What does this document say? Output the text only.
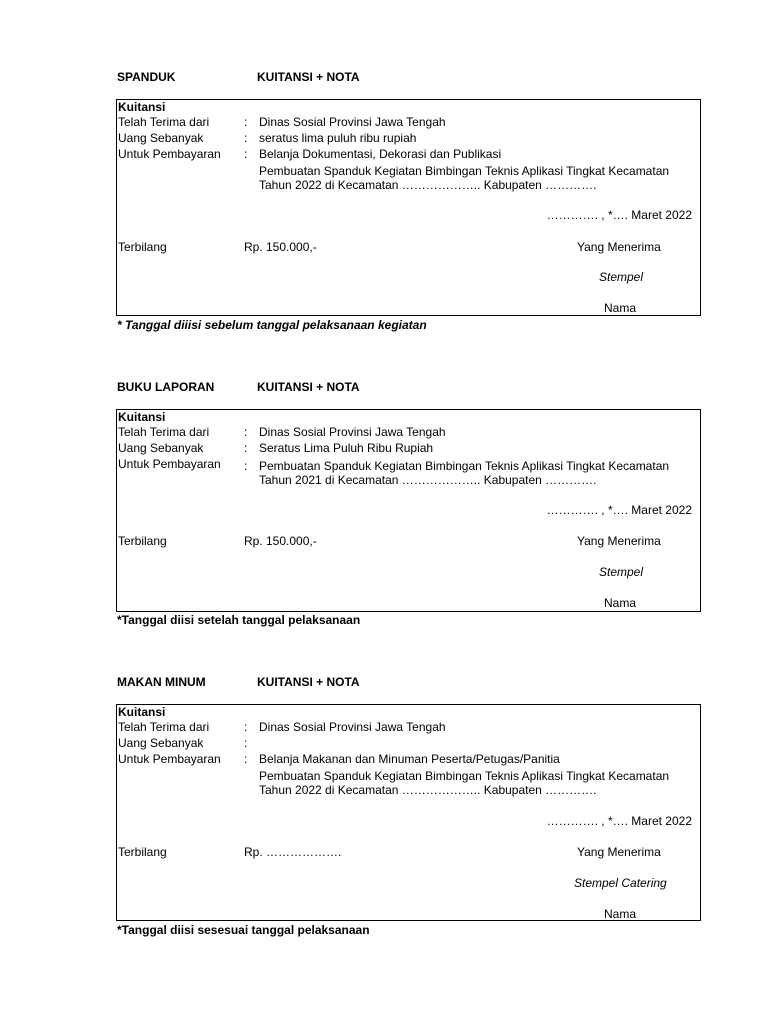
SPANDUK	KUITANSI + NOTA
Kuitansi
Telah Terima dari	: Dinas Sosial Provinsi Jawa Tengah
Uang Sebanyak	: seratus lima puluh ribu rupiah
Untuk Pembayaran : Belanja Dokumentasi, Dekorasi dan Publikasi
Pembuatan Spanduk Kegiatan Bimbingan Teknis Aplikasi Tingkat Kecamatan
Tahun 2022 di Kecamatan ……………….. Kabupaten ………….
…………. , *…. Maret 2022
Terbilang	Rp. 150.000,-	Yang Menerima
Stempel
Nama
* Tanggal diiisi sebelum tanggal pelaksanaan kegiatan
BUKU LAPORAN	KUITANSI + NOTA
Kuitansi
Telah Terima dari	: Dinas Sosial Provinsi Jawa Tengah
Uang Sebanyak	: Seratus Lima Puluh Ribu Rupiah
Untuk Pembayaran : Pembuatan Spanduk Kegiatan Bimbingan Teknis Aplikasi Tingkat Kecamatan
Tahun 2021 di Kecamatan ……………….. Kabupaten ………….
…………. , *…. Maret 2022
Terbilang	Rp. 150.000,-	Yang Menerima
Stempel
Nama
*Tanggal diisi setelah tanggal pelaksanaan
MAKAN MINUM	KUITANSI + NOTA
Kuitansi
Telah Terima dari	: Dinas Sosial Provinsi Jawa Tengah
Uang Sebanyak	:
Untuk Pembayaran : Belanja Makanan dan Minuman Peserta/Petugas/Panitia
Pembuatan Spanduk Kegiatan Bimbingan Teknis Aplikasi Tingkat Kecamatan
Tahun 2022 di Kecamatan ……………….. Kabupaten ………….
…………. , *…. Maret 2022
Terbilang	Rp. ……………….	Yang Menerima
Stempel Catering
Nama
*Tanggal diisi sesesuai tanggal pelaksanaan
